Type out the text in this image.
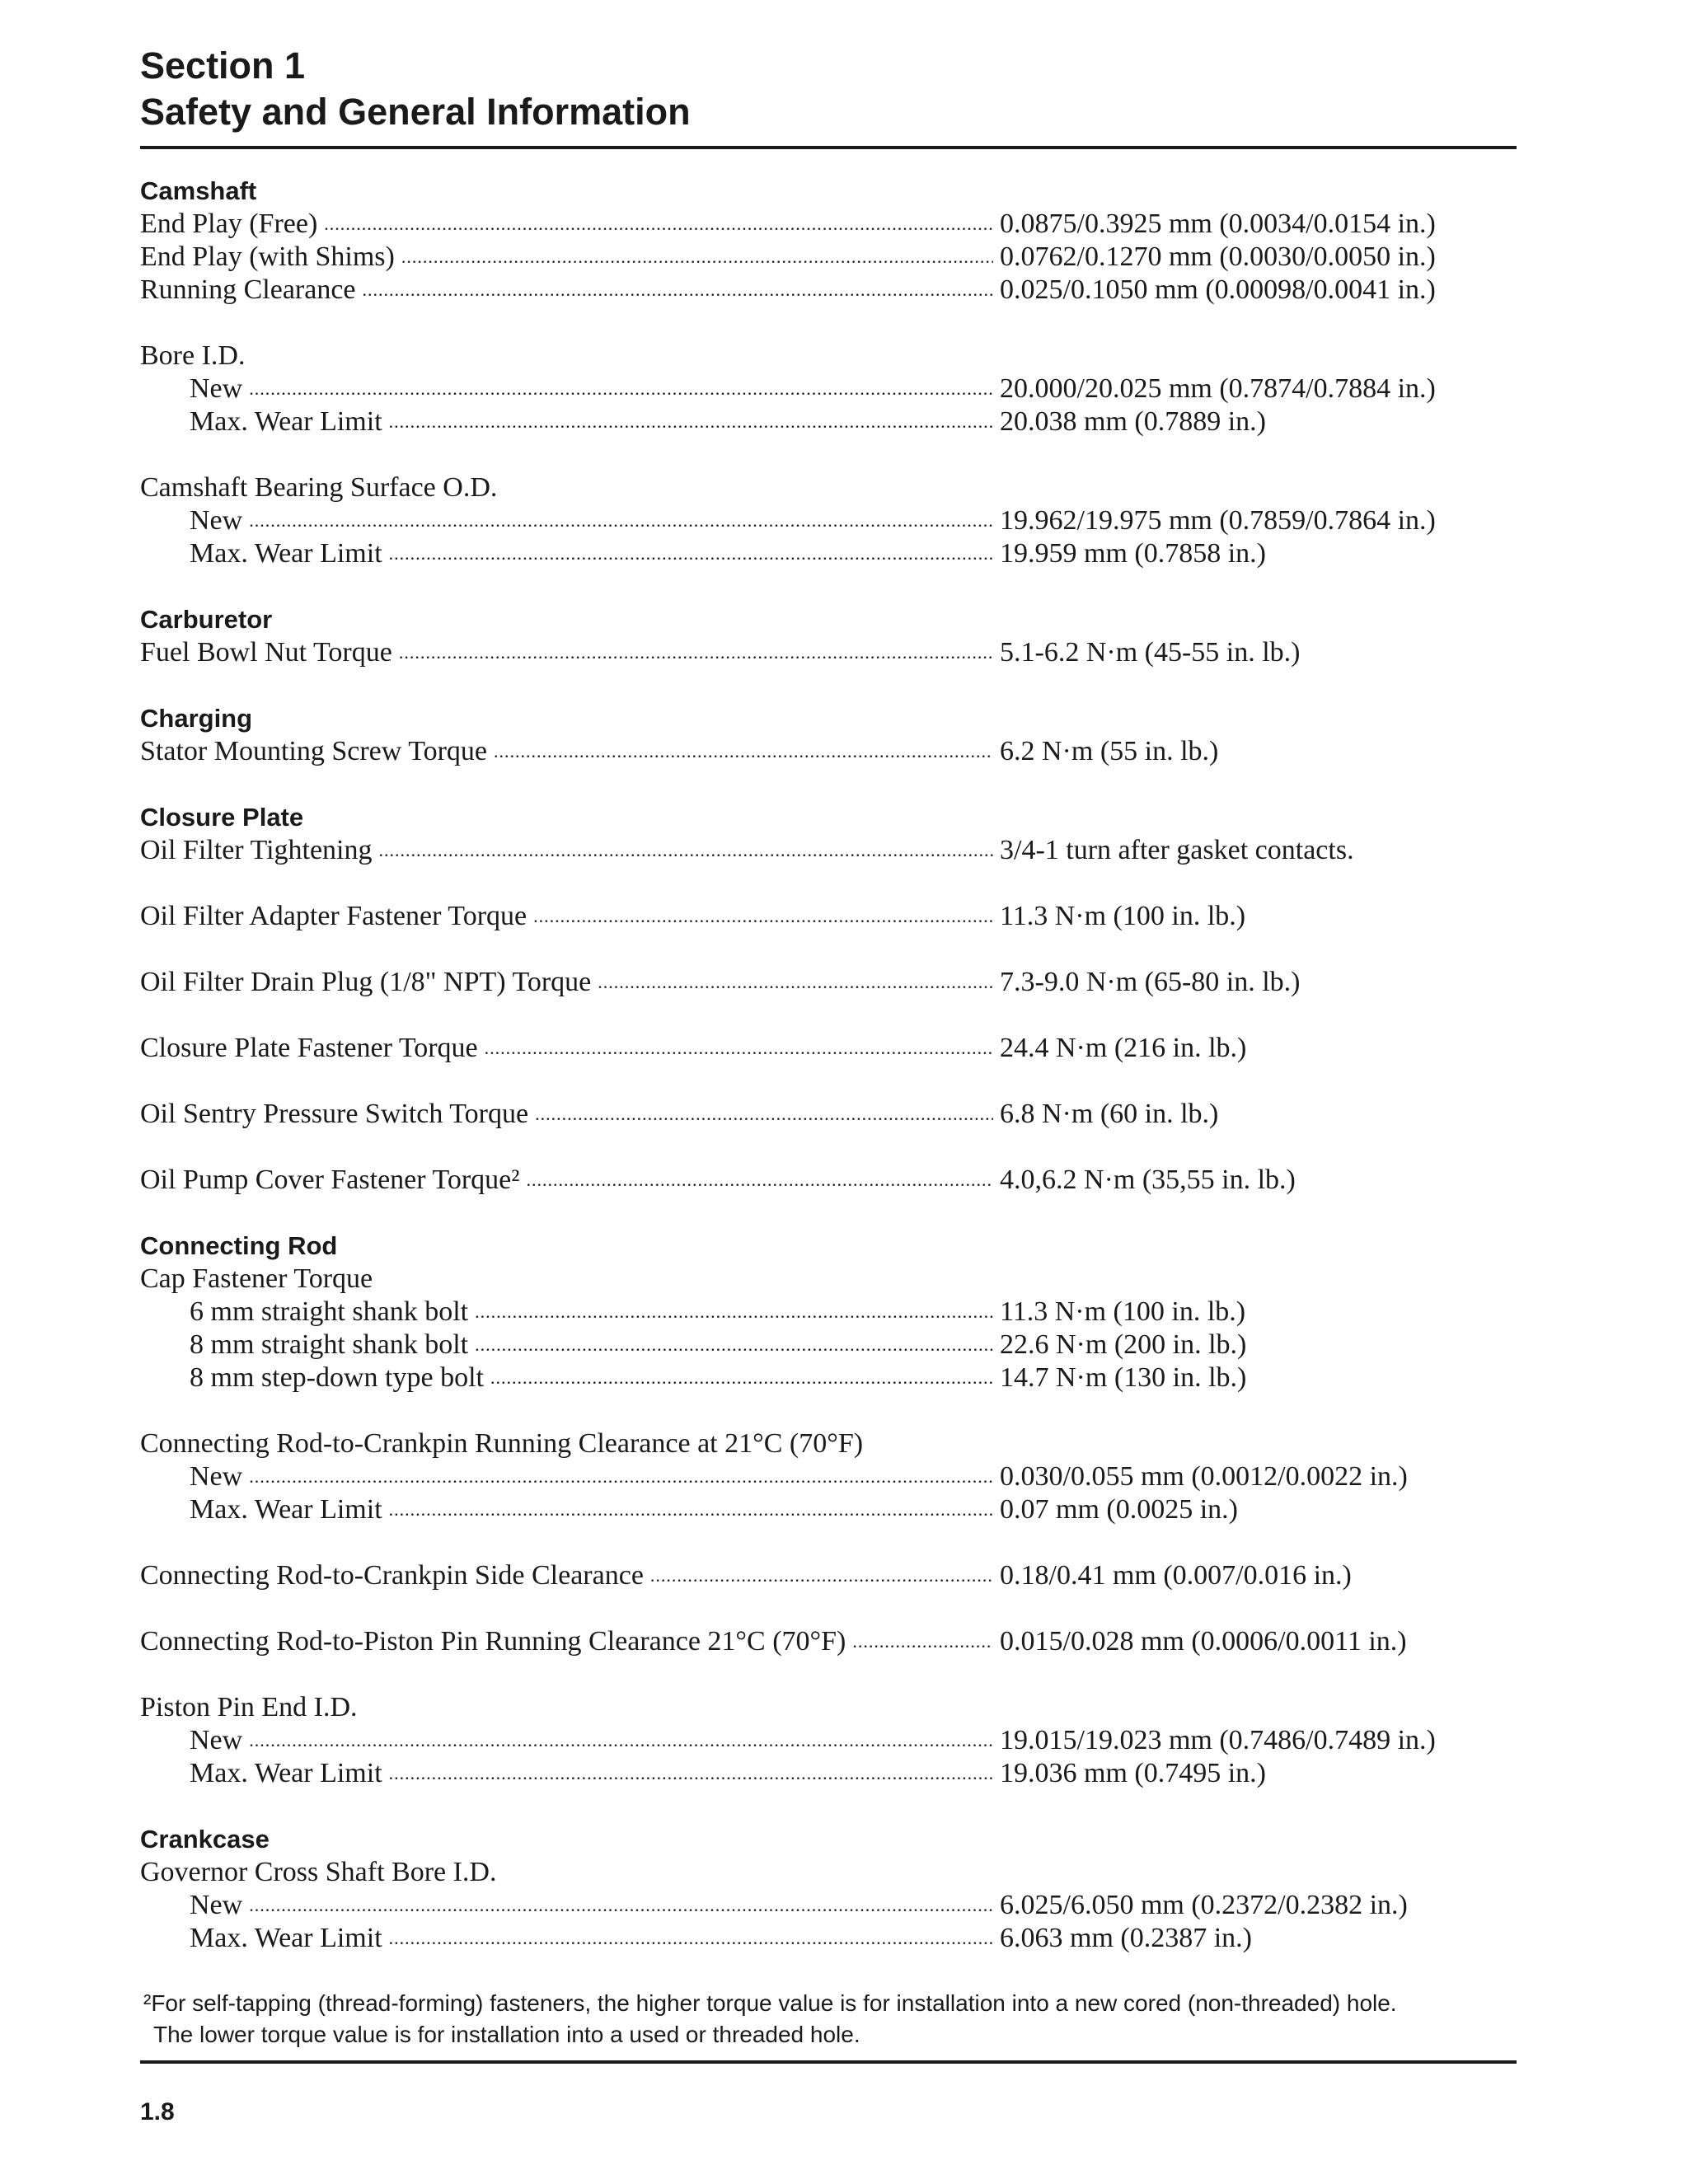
Section 1
Safety and General Information
Camshaft
End Play (Free) .....	0.0875/0.3925 mm (0.0034/0.0154 in.)
End Play (with Shims) .....	0.0762/0.1270 mm (0.0030/0.0050 in.)
Running Clearance .....	0.025/0.1050 mm (0.00098/0.0041 in.)
Bore I.D.
New .....	20.000/20.025 mm (0.7874/0.7884 in.)
Max. Wear Limit .....	20.038 mm (0.7889 in.)
Camshaft Bearing Surface O.D.
New .....	19.962/19.975 mm (0.7859/0.7864 in.)
Max. Wear Limit .....	19.959 mm (0.7858 in.)
Carburetor
Fuel Bowl Nut Torque .....	5.1-6.2 N·m (45-55 in. lb.)
Charging
Stator Mounting Screw Torque .....	6.2 N·m (55 in. lb.)
Closure Plate
Oil Filter Tightening .....	3/4-1 turn after gasket contacts.
Oil Filter Adapter Fastener Torque .....	11.3 N·m (100 in. lb.)
Oil Filter Drain Plug (1/8" NPT) Torque .....	7.3-9.0 N·m (65-80 in. lb.)
Closure Plate Fastener Torque .....	24.4 N·m (216 in. lb.)
Oil Sentry Pressure Switch Torque .....	6.8 N·m (60 in. lb.)
Oil Pump Cover Fastener Torque² .....	4.0,6.2 N·m (35,55 in. lb.)
Connecting Rod
Cap Fastener Torque
6 mm straight shank bolt .....	11.3 N·m (100 in. lb.)
8 mm straight shank bolt .....	22.6 N·m (200 in. lb.)
8 mm step-down type bolt .....	14.7 N·m (130 in. lb.)
Connecting Rod-to-Crankpin Running Clearance at 21°C (70°F)
New .....	0.030/0.055 mm (0.0012/0.0022 in.)
Max. Wear Limit .....	0.07 mm (0.0025 in.)
Connecting Rod-to-Crankpin Side Clearance .....	0.18/0.41 mm (0.007/0.016 in.)
Connecting Rod-to-Piston Pin Running Clearance 21°C (70°F) .....	0.015/0.028 mm (0.0006/0.0011 in.)
Piston Pin End I.D.
New .....	19.015/19.023 mm (0.7486/0.7489 in.)
Max. Wear Limit .....	19.036 mm (0.7495 in.)
Crankcase
Governor Cross Shaft Bore I.D.
New .....	6.025/6.050 mm (0.2372/0.2382 in.)
Max. Wear Limit .....	6.063 mm (0.2387 in.)
²For self-tapping (thread-forming) fasteners, the higher torque value is for installation into a new cored (non-threaded) hole.
The lower torque value is for installation into a used or threaded hole.
1.8
